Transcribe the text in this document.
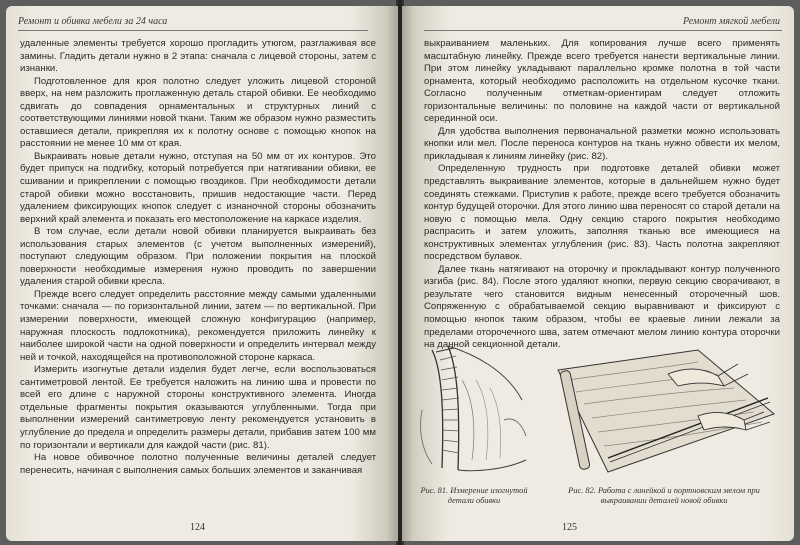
Ремонт и обивка мебели за 24 часа

удаленные элементы требуется хорошо прогладить утюгом, разглаживая все замины. Гладить детали нужно в 2 этапа: сначала с лицевой стороны, затем с изнанки.

Подготовленное для кроя полотно следует уложить лицевой стороной вверх, на нем разложить проглаженную деталь старой обивки. Ее необходимо сдвигать до совпадения орнаментальных и структурных линий с соответствующими линиями новой ткани. Таким же образом нужно разместить оставшиеся детали, прикрепляя их к полотну основе с помощью кнопок на расстоянии не менее 10 мм от края.

Выкраивать новые детали нужно, отступая на 50 мм от их контуров. Это будет припуск на подгибку, который потребуется при натягивании обивки, ее сшивании и прикреплении с помощью гвоздиков. При необходимости детали старой обивки можно восстановить, пришив недостающие части. Перед удалением фиксирующих кнопок следует с изнаночной стороны обозначить верхний край элемента и показать его местоположение на каркасе изделия.

В том случае, если детали новой обивки планируется выкраивать без использования старых элементов (с учетом выполненных измерений), поступают следующим образом. При положении покрытия на плоской поверхности необходимые измерения нужно проводить по завершении удаления старой обивки кресла.

Прежде всего следует определить расстояние между самыми удаленными точками: сначала — по горизонтальной линии, затем — по вертикальной. При измерении поверхности, имеющей сложную конфигурацию (например, наружная плоскость подлокотника), рекомендуется приложить линейку к наиболее широкой части на одной поверхности и определить интервал между ней и точкой, находящейся на противоположной стороне каркаса.

Измерить изогнутые детали изделия будет легче, если воспользоваться сантиметровой лентой. Ее требуется наложить на линию шва и провести по всей его длине с наружной стороны конструктивного элемента. Иногда отдельные фрагменты покрытия оказываются углубленными. Тогда при выполнении измерений сантиметровую ленту рекомендуется установить в углубление до предела и определить размеры детали, прибавив затем 100 мм по горизонтали и вертикали для каждой части (рис. 81).

На новое обивочное полотно полученные величины деталей следует перенесить, начиная с выполнения самых больших элементов и заканчивая

124
Ремонт мягкой мебели

выкраиванием маленьких. Для копирования лучше всего применять масштабную линейку. Прежде всего требуется нанести вертикальные линии. При этом линейку укладывают параллельно кромке полотна в той части орнамента, который необходимо расположить на отдельном кусочке ткани. Согласно полученным отметкам-ориентирам следует отложить горизонтальные величины: по половине на каждой части от вертикальной серединной оси.

Для удобства выполнения первоначальной разметки можно использовать кнопки или мел. После переноса контуров на ткань нужно обвести их мелом, прикладывая к линиям линейку (рис. 82).

Определенную трудность при подготовке деталей обивки может представлять выкраивание элементов, которые в дальнейшем нужно будет соединять стежками. Приступив к работе, прежде всего требуется обозначить контур будущей оторочки. Для этого линию шва переносят со старой детали на новую с помощью мела. Одну секцию старого покрытия необходимо распрасить и затем уложить, заполняя тканью все имеющиеся на конструктивных элементах углубления (рис. 83). Часть полотна закрепляют посредством булавок.

Далее ткань натягивают на оторочку и прокладывают контур полученного изгиба (рис. 84). После этого удаляют кнопки, первую секцию сворачивают, в результате чего становится видным ненесенный оторочечный шов. Сопряженную с обрабатываемой секцию выравнивают и фиксируют с помощью кнопок таким образом, чтобы ее краевые линии лежали за пределами оторочечного шва, затем отмечают мелом линию контура оторочки на данной секционной детали.

Рис. 81. Измерение изогнутой детали обивки
Рис. 82. Работа с линейкой и портновским мелом при выкраивании деталей новой обивки
125
